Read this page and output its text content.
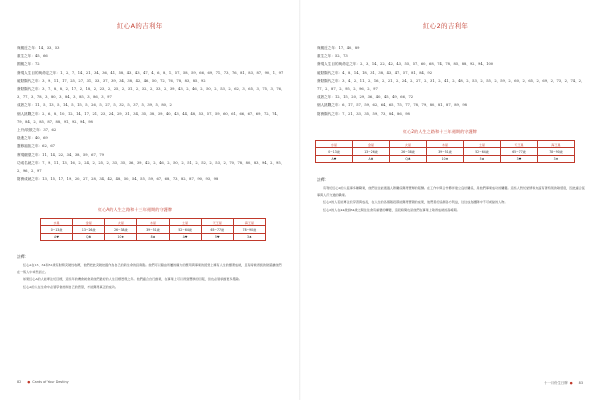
紅心A的吉利年
與親近之年：14、33、53
重生之年：45、66
國親之年：72
發現人生目的與命定之年：1、2、7、14、21、34、36、41、58、43、43、47、4、6、8、1、57、58、59、66、69、71、73、76、81、83、87、90、1、97
破財隔代之年：3、9、11、17、25、27、31、33、37、39、34、38、42、46、50、72、76、78、83、85、92
發財隔代之年：3、7、8、8、2、17、2、18、2、23、2、25、2、31、2、32、2、33、2、39、43、2、46、2、50、2、53、2、62、3、65、3、75、3、76、3、77、3、78、3、80、3、84、3、85、3、86、3、97
成熟之年：11、5、13、5、14、5、15、5、26、5、27、5、32、5、37、5、39、5、80、2
個人挑戰之年：2、6、8、10、12、14、17、21、23、24、29、31、34、35、38、39、40、43、44、48、53、57、59、60、61、66、67、69、72、74、79、84、2、85、87、88、91、92、94、98
上升/收斂之年：37、62
陰進之年：40、69
靈修福拓之年：62、67
實現願望之年：11、14、22、34、38、59、67、79
功成名就之年：7、9、11、13、16、2、24、2、25、2、33、35、36、39、42、2、46、2、50、2、51、2、52、2、53、2、70、78、80、83、94、2、95、2、96、2、97
財務成就之年：13、15、17、19、20、27、28、34、42、48、50、54、55、59、67、68、73、82、87、90、93、98
紅心A的人生之路和十三年週期的守護牌
水星	金星	火星	木星	土星	天王星	海王星
0~13歲	13~26歲	26~38歲	39~51歲	52~64歲	65~77歲	78~90歲
A♥	Q♣	10♦	8♠	A♥	5♥	3♠
註釋：

紅心A在13、34和51歲有財務突破性收穫，他們把此突破挖掘作為自己的新生命的投資點。他們可以藉由所屬的權力的應用與事業的經營上擁有人生的顯著成就，且有時候得到的財富讓他們在一般人中卓然而立。

如果紅心A的人能專注於目標，這些年的機會就會是他們最好的人生目標實現之年。他們適合自行創業，在事業上可以得到豐厚的回報，但也必須承擔更多風險。

紅心A的人在生命中必須學會控制自己的慾望，才能獲得真正的成功。

82 ● Cards of Your Destiny
紅心2的吉利年
與親近之年：17、40、89
重生之年：52、73
發現人生目的與命定之年：2、3、14、22、42、43、55、57、60、68、74、78、85、88、92、94、100
破財隔代之年：4、8、14、18、31、38、43、47、57、81、84、92
發財隔代之年：3、4、2、11、2、16、2、21、2、24、2、27、2、31、2、41、2、48、2、53、2、55、2、59、2、60、2、65、2、69、2、73、2、74、2、77、2、87、2、95、2、96、2、97
成熟之年：12、15、20、29、36、40、45、49、66、72
個人挑戰之年：6、17、57、59、62、64、65、75、77、78、79、80、81、87、89、98
財務隔代之年：7、21、33、35、59、73、84、86、98
紅心2的人生之路和十三年週期的守護牌
水星	金星	火星	木星	土星	天王星	海王星
0~13歲	13~26歲	26~38歲	39~51歲	52~64歲	65~77歲	78~90歲
A♥	A♣	Q♣	10♦	5♠	3♥	3♦
註釋：

有利於紅心2的人從事多種職業，他們往往能通過人際關係獲得豐厚的報酬。在工作中與合作夥伴建立良好關係，是他們事業成功的關鍵。這些人對於愛情和友誼有著特別的敏感度，因此適合從事與人打交道的職業。

紅心2的人若能專注於學習與成長，在人生的各個階段都能獲得豐碩的成果，他們善於協調各方利益，往往成為團隊中不可或缺的人物。

紅心2的人在44歲到64歲之間往往會有重要的轉變，這段時間也是他們在事業上取得成就的高峰期。

十一月份生日牌 ● 83
